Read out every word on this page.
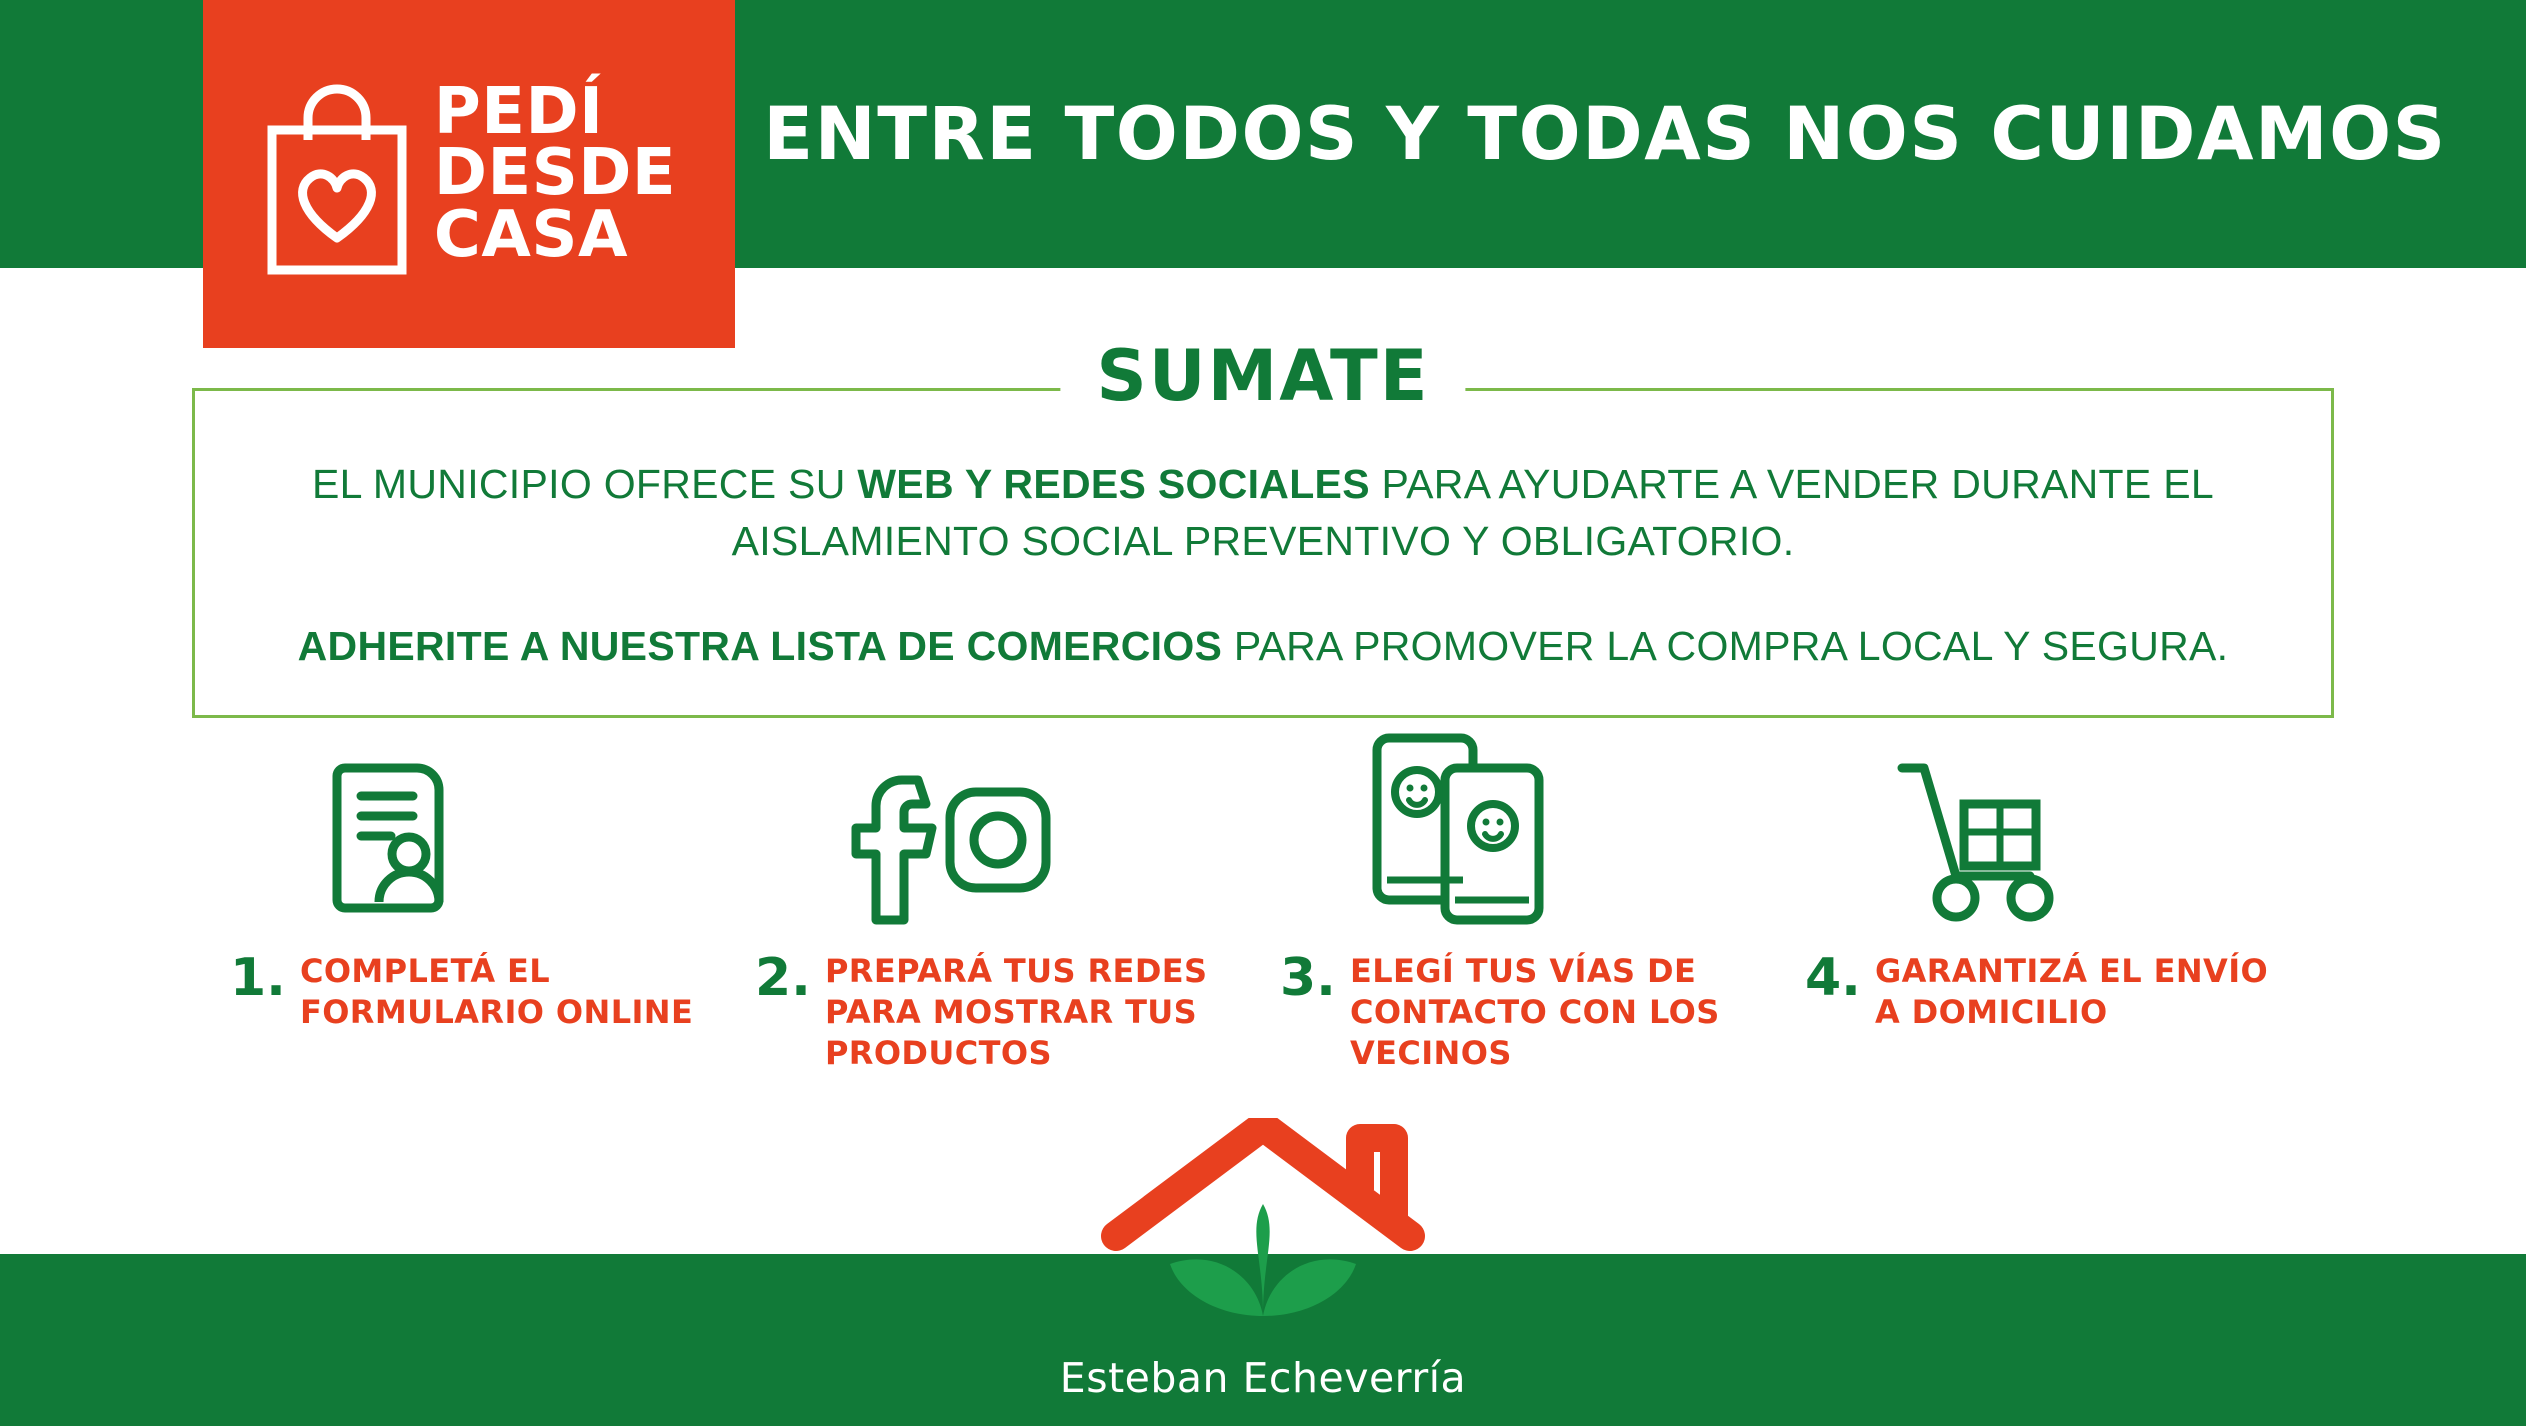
PEDÍ
DESDE
CASA
ENTRE TODOS Y TODAS NOS CUIDAMOS
SUMATE
EL MUNICIPIO OFRECE SU WEB Y REDES SOCIALES PARA AYUDARTE A VENDER DURANTE EL AISLAMIENTO SOCIAL PREVENTIVO Y OBLIGATORIO.
ADHERITE A NUESTRA LISTA DE COMERCIOS PARA PROMOVER LA COMPRA LOCAL Y SEGURA.
1. COMPLETÁ EL FORMULARIO ONLINE
2. PREPARÁ TUS REDES PARA MOSTRAR TUS PRODUCTOS
3. ELEGÍ TUS VÍAS DE CONTACTO CON LOS VECINOS
4. GARANTIZÁ EL ENVÍO A DOMICILIO
Esteban Echeverría
